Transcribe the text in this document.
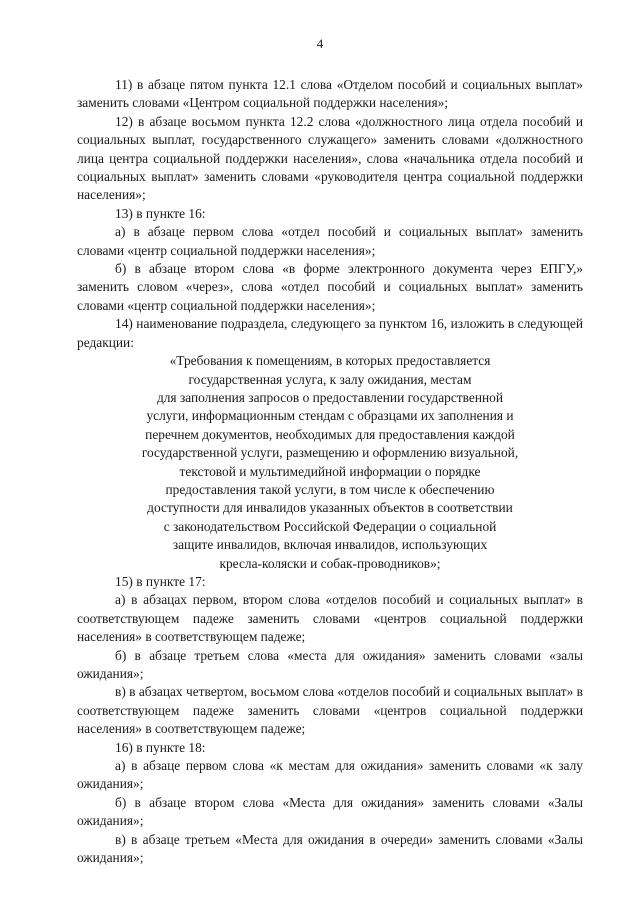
4

11) в абзаце пятом пункта 12.1 слова «Отделом пособий и социальных выплат» заменить словами «Центром социальной поддержки населения»;

12) в абзаце восьмом пункта 12.2 слова «должностного лица отдела пособий и социальных выплат, государственного служащего» заменить словами «должностного лица центра социальной поддержки населения», слова «начальника отдела пособий и социальных выплат» заменить словами «руководителя центра социальной поддержки населения»;

13) в пункте 16:

а) в абзаце первом слова «отдел пособий и социальных выплат» заменить словами «центр социальной поддержки населения»;

б) в абзаце втором слова «в форме электронного документа через ЕПГУ,» заменить словом «через», слова «отдел пособий и социальных выплат» заменить словами «центр социальной поддержки населения»;

14) наименование подраздела, следующего за пунктом 16, изложить в следующей редакции:

«Требования к помещениям, в которых предоставляется

государственная услуга, к залу ожидания, местам

для заполнения запросов о предоставлении государственной

услуги, информационным стендам с образцами их заполнения и

перечнем документов, необходимых для предоставления каждой

государственной услуги, размещению и оформлению визуальной,

текстовой и мультимедийной информации о порядке

предоставления такой услуги, в том числе к обеспечению

доступности для инвалидов указанных объектов в соответствии

с законодательством Российской Федерации о социальной

защите инвалидов, включая инвалидов, использующих

кресла-коляски и собак-проводников»;

15) в пункте 17:

а) в абзацах первом, втором слова «отделов пособий и социальных выплат» в соответствующем падеже заменить словами «центров социальной поддержки населения» в соответствующем падеже;

б) в абзаце третьем слова «места для ожидания» заменить словами «залы ожидания»;

в) в абзацах четвертом, восьмом слова «отделов пособий и социальных выплат» в соответствующем падеже заменить словами «центров социальной поддержки населения» в соответствующем падеже;

16) в пункте 18:

а) в абзаце первом слова «к местам для ожидания» заменить словами «к залу ожидания»;

б) в абзаце втором слова «Места для ожидания» заменить словами «Залы ожидания»;

в) в абзаце третьем «Места для ожидания в очереди» заменить словами «Залы ожидания»;
